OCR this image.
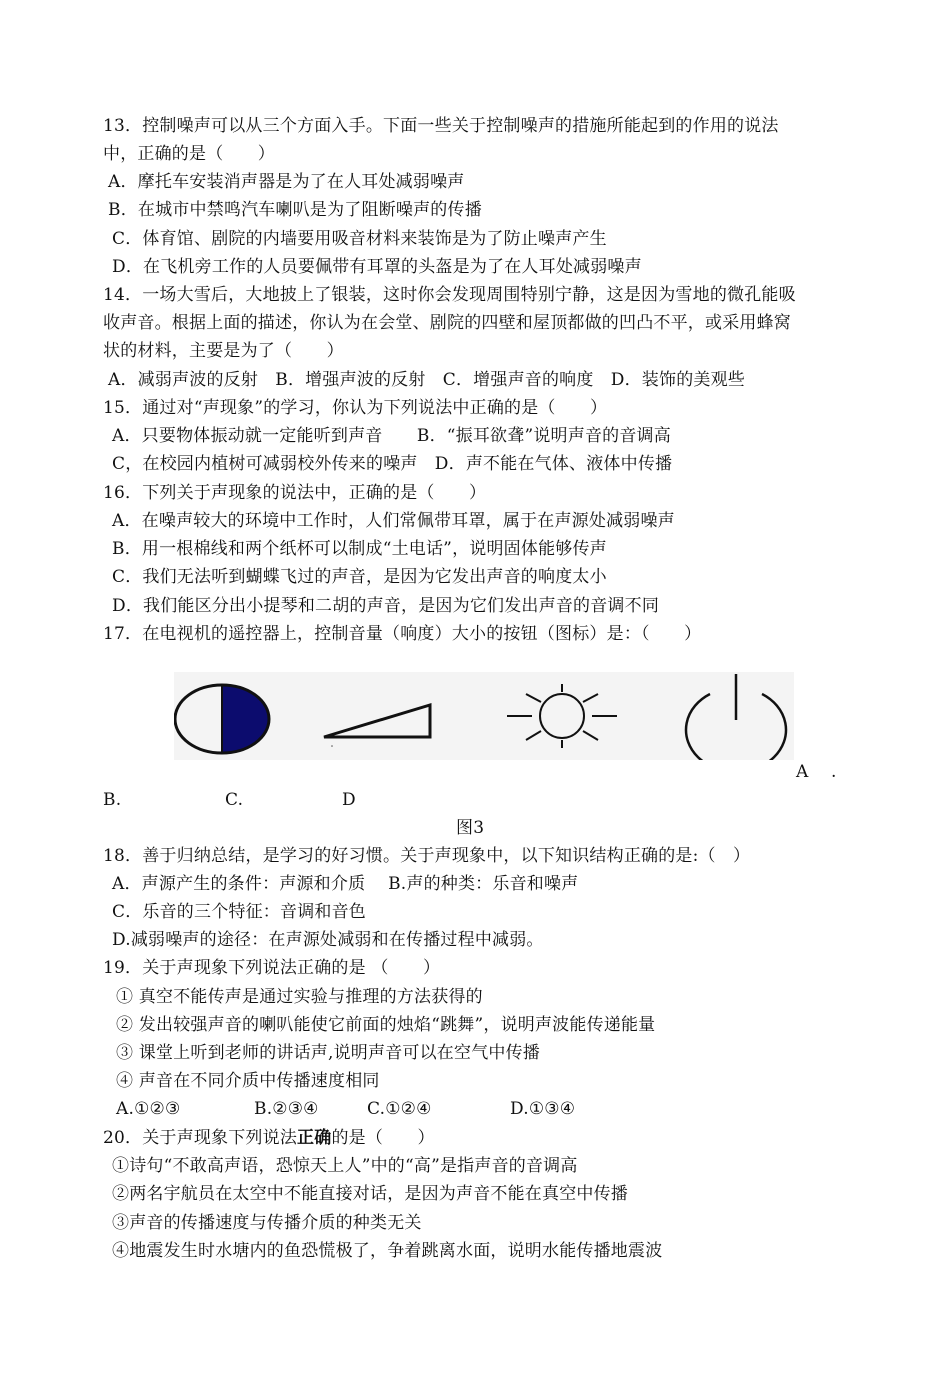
13．控制噪声可以从三个方面入手。下面一些关于控制噪声的措施所能起到的作用的说法
中，正确的是（　　）
A．摩托车安装消声器是为了在人耳处减弱噪声
B．在城市中禁鸣汽车喇叭是为了阻断噪声的传播
C．体育馆、剧院的内墙要用吸音材料来装饰是为了防止噪声产生
D．在飞机旁工作的人员要佩带有耳罩的头盔是为了在人耳处减弱噪声
14．一场大雪后，大地披上了银装，这时你会发现周围特别宁静，这是因为雪地的微孔能吸
收声音。根据上面的描述，你认为在会堂、剧院的四壁和屋顶都做的凹凸不平，或采用蜂窝
状的材料，主要是为了（　　）
A．减弱声波的反射　B．增强声波的反射　C．增强声音的响度　D．装饰的美观些
15．通过对“声现象”的学习，你认为下列说法中正确的是（　　）
A．只要物体振动就一定能听到声音　　B．“振耳欲聋”说明声音的音调高
C，在校园内植树可减弱校外传来的噪声　D．声不能在气体、液体中传播
16．下列关于声现象的说法中，正确的是（　　）
A．在噪声较大的环境中工作时，人们常佩带耳罩，属于在声源处减弱噪声
B．用一根棉线和两个纸杯可以制成“土电话”，说明固体能够传声
C．我们无法听到蝴蝶飞过的声音，是因为它发出声音的响度太小
D．我们能区分出小提琴和二胡的声音，是因为它们发出声音的音调不同
17．在电视机的遥控器上，控制音量（响度）大小的按钮（图标）是：（　　）
A .
B.	C.	D
图3
18．善于归纳总结，是学习的好习惯。关于声现象中，以下知识结构正确的是:（　）
A．声源产生的条件：声源和介质　 B.声的种类：乐音和噪声
C．乐音的三个特征：音调和音色
D.减弱噪声的途径：在声源处减弱和在传播过程中减弱。
19．关于声现象下列说法正确的是 （　　）
① 真空不能传声是通过实验与推理的方法获得的
② 发出较强声音的喇叭能使它前面的烛焰“跳舞”，说明声波能传递能量
③ 课堂上听到老师的讲话声,说明声音可以在空气中传播
④ 声音在不同介质中传播速度相同
A.①②③	B.②③④	C.①②④	D.①③④
20．关于声现象下列说法正确的是（　　）
①诗句“不敢高声语，恐惊天上人”中的“高”是指声音的音调高
②两名宇航员在太空中不能直接对话，是因为声音不能在真空中传播
③声音的传播速度与传播介质的种类无关
④地震发生时水塘内的鱼恐慌极了，争着跳离水面，说明水能传播地震波
